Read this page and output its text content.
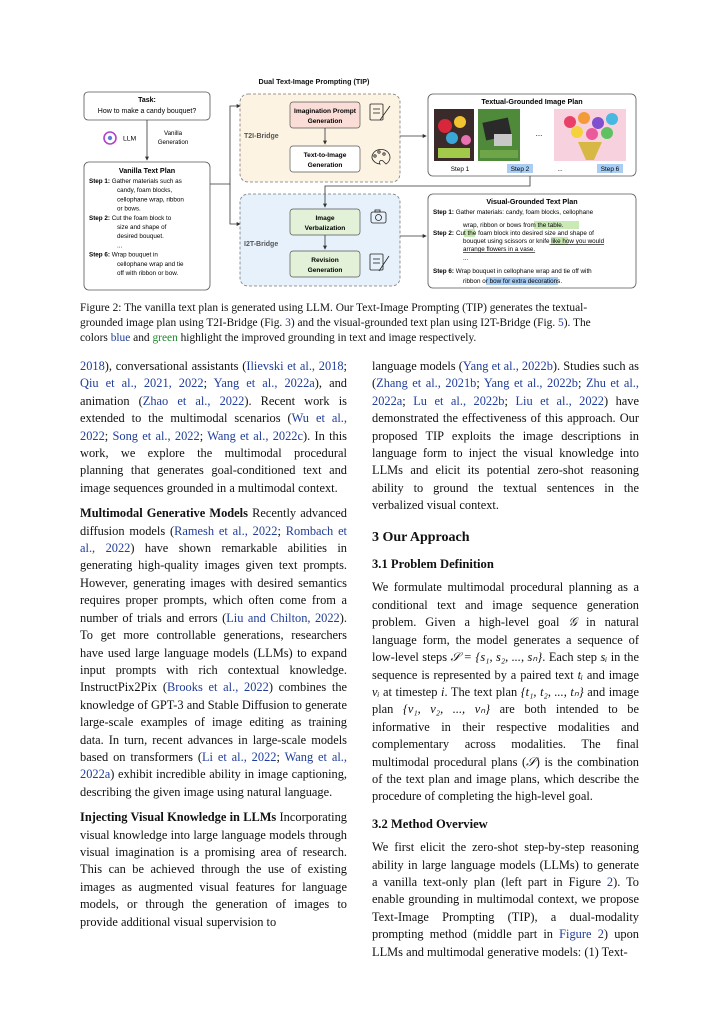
Dual Text-Image Prompting (TIP)
Task:
How to make a candy bouquet?
LLM
Vanilla
Generation
Vanilla Text Plan
Step 1: Gather materials such as
candy, foam blocks,
cellophane wrap, ribbon
or bows.
Step 2: Cut the foam block to
size and shape of
desired bouquet.
...
Step 6: Wrap bouquet in
cellophane wrap and tie
off with ribbon or bow.
T2I-Bridge
Imagination Prompt
Generation
Text-to-Image
Generation
I2T-Bridge
Image
Verbalization
Revision
Generation
Textual-Grounded Image Plan
...
Step 1	Step 2	...	Step 6
Visual-Grounded Text Plan
Step 1: Gather materials: candy, foam blocks, cellophane
wrap, ribbon or bows from the table.
Step 2: Cut the foam block into desired size and shape of
bouquet using scissors or knife like how you would
arrange flowers in a vase.
...
Step 6: Wrap bouquet in cellophane wrap and tie off with
ribbon or bow for extra decorations.
Figure 2: The vanilla text plan is generated using LLM. Our Text-Image Prompting (TIP) generates the textual-
grounded image plan using T2I-Bridge (Fig. 3) and the visual-grounded text plan using I2T-Bridge (Fig. 5). The
colors blue and green highlight the improved grounding in text and image respectively.

2018), conversational assistants (Ilievski et al., 2018; Qiu et al., 2021, 2022; Yang et al., 2022a), and animation (Zhao et al., 2022). Recent work is extended to the multimodal scenarios (Wu et al., 2022; Song et al., 2022; Wang et al., 2022c). In this work, we explore the multimodal procedural planning that generates goal-conditioned text and image sequences grounded in a multimodal context.

Multimodal Generative Models Recently advanced diffusion models (Ramesh et al., 2022; Rombach et al., 2022) have shown remarkable abilities in generating high-quality images given text prompts. However, generating images with desired semantics requires proper prompts, which often come from a number of trials and errors (Liu and Chilton, 2022). To get more controllable generations, researchers have used large language models (LLMs) to expand input prompts with rich contextual knowledge. InstructPix2Pix (Brooks et al., 2022) combines the knowledge of GPT-3 and Stable Diffusion to generate large-scale examples of image editing as training data. In turn, recent advances in large-scale models based on transformers (Li et al., 2022; Wang et al., 2022a) exhibit incredible ability in image captioning, describing the given image using natural language.

Injecting Visual Knowledge in LLMs Incorporating visual knowledge into large language models through visual imagination is a promising area of research. This can be achieved through the use of existing images as augmented visual features for language models, or through the generation of images to provide additional visual supervision to

language models (Yang et al., 2022b). Studies such as (Zhang et al., 2021b; Yang et al., 2022b; Zhu et al., 2022a; Lu et al., 2022b; Liu et al., 2022) have demonstrated the effectiveness of this approach. Our proposed TIP exploits the image descriptions in language form to inject the visual knowledge into LLMs and elicit its potential zero-shot reasoning ability to ground the textual sentences in the verbalized visual context.

3 Our Approach
3.1 Problem Definition

We formulate multimodal procedural planning as a conditional text and image sequence generation problem. Given a high-level goal 𝒢 in natural language form, the model generates a sequence of low-level steps 𝒮 = {s₁, s₂, ..., sₙ}. Each step sᵢ in the sequence is represented by a paired text tᵢ and image vᵢ at timestep i. The text plan {t₁, t₂, ..., tₙ} and image plan {v₁, v₂, ..., vₙ} are both intended to be informative in their respective modalities and complementary across modalities. The final multimodal procedural plans (𝒮) is the combination of the text plan and image plans, which describe the procedure of completing the high-level goal.

3.2 Method Overview

We first elicit the zero-shot step-by-step reasoning ability in large language models (LLMs) to generate a vanilla text-only plan (left part in Figure 2). To enable grounding in multimodal context, we propose Text-Image Prompting (TIP), a dual-modality prompting method (middle part in Figure 2) upon LLMs and multimodal generative models: (1) Text-
